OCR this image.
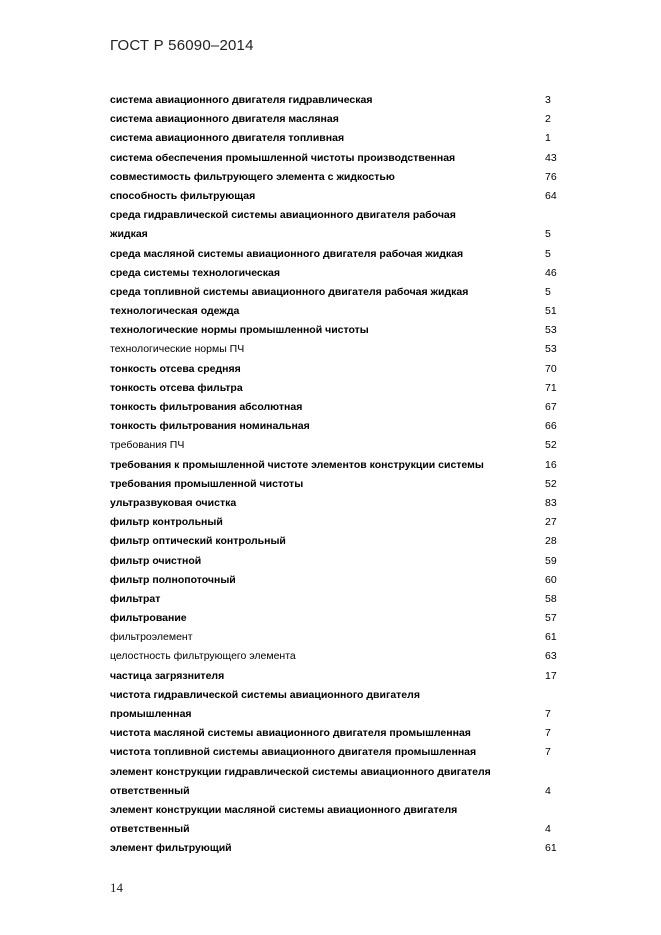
ГОСТ Р 56090–2014
система авиационного двигателя гидравлическая	3
система авиационного двигателя масляная	2
система авиационного двигателя топливная	1
система обеспечения промышленной чистоты производственная	43
совместимость фильтрующего элемента с жидкостью	76
способность фильтрующая	64
среда гидравлической системы авиационного двигателя рабочая
жидкая	5
среда масляной системы авиационного двигателя рабочая жидкая	5
среда системы технологическая	46
среда топливной системы авиационного двигателя рабочая жидкая	5
технологическая одежда	51
технологические нормы промышленной чистоты	53
технологические нормы ПЧ	53
тонкость отсева средняя	70
тонкость отсева фильтра	71
тонкость фильтрования абсолютная	67
тонкость фильтрования номинальная	66
требования ПЧ	52
требования к промышленной чистоте элементов конструкции системы	16
требования промышленной чистоты	52
ультразвуковая очистка	83
фильтр контрольный	27
фильтр оптический контрольный	28
фильтр очистной	59
фильтр полнопоточный	60
фильтрат	58
фильтрование	57
фильтроэлемент	61
целостность фильтрующего элемента	63
частица загрязнителя	17
чистота гидравлической системы авиационного двигателя
промышленная	7
чистота масляной системы авиационного двигателя промышленная	7
чистота топливной системы авиационного двигателя промышленная	7
элемент конструкции гидравлической системы авиационного двигателя
ответственный	4
элемент конструкции масляной системы авиационного двигателя
ответственный	4
элемент фильтрующий	61
14
